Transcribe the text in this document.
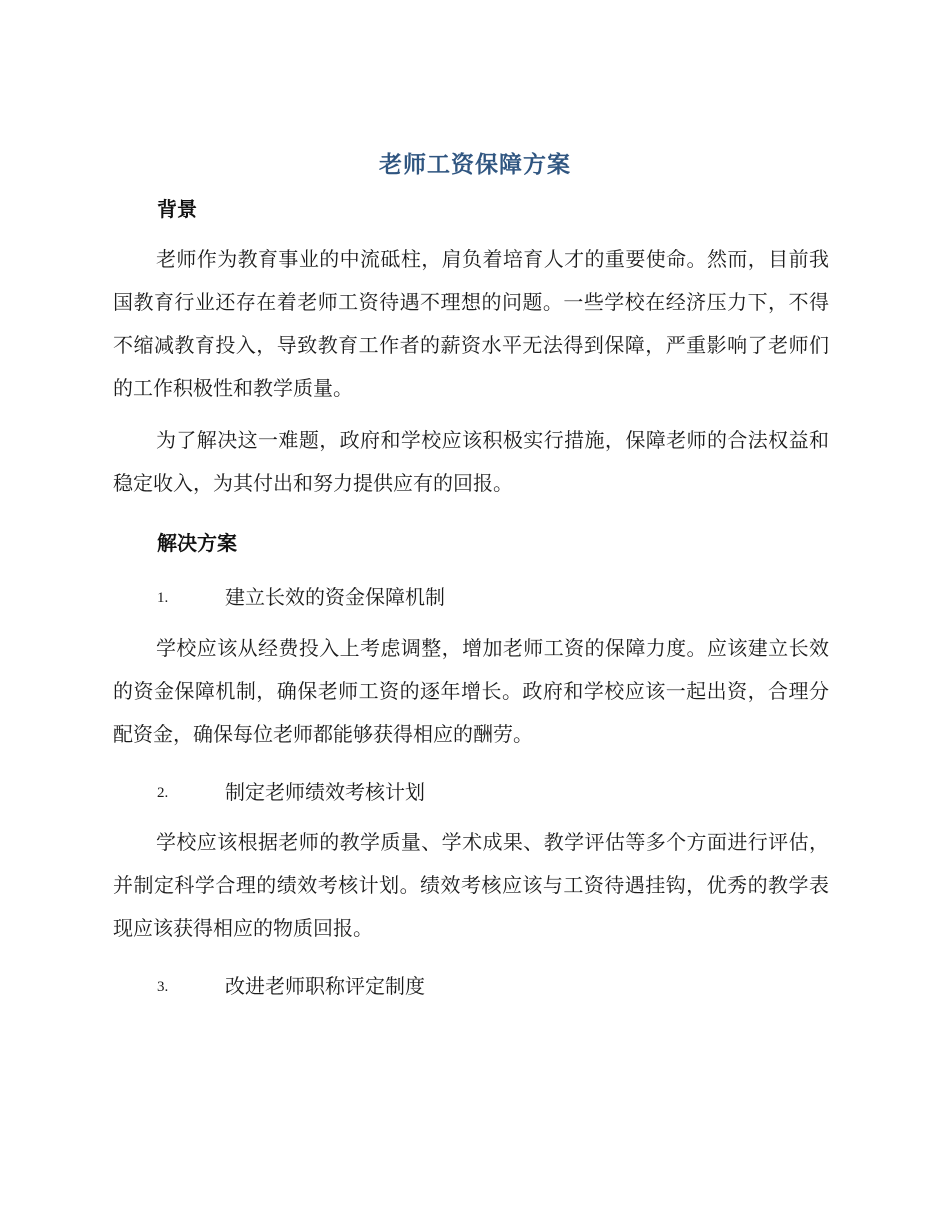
老师工资保障方案
背景

老师作为教育事业的中流砥柱，肩负着培育人才的重要使命。然而，目前我国教育行业还存在着老师工资待遇不理想的问题。一些学校在经济压力下，不得不缩减教育投入，导致教育工作者的薪资水平无法得到保障，严重影响了老师们的工作积极性和教学质量。

为了解决这一难题，政府和学校应该积极实行措施，保障老师的合法权益和稳定收入，为其付出和努力提供应有的回报。

解决方案
1.	建立长效的资金保障机制

学校应该从经费投入上考虑调整，增加老师工资的保障力度。应该建立长效的资金保障机制，确保老师工资的逐年增长。政府和学校应该一起出资，合理分配资金，确保每位老师都能够获得相应的酬劳。

2.	制定老师绩效考核计划

学校应该根据老师的教学质量、学术成果、教学评估等多个方面进行评估，并制定科学合理的绩效考核计划。绩效考核应该与工资待遇挂钩，优秀的教学表现应该获得相应的物质回报。

3.	改进老师职称评定制度
